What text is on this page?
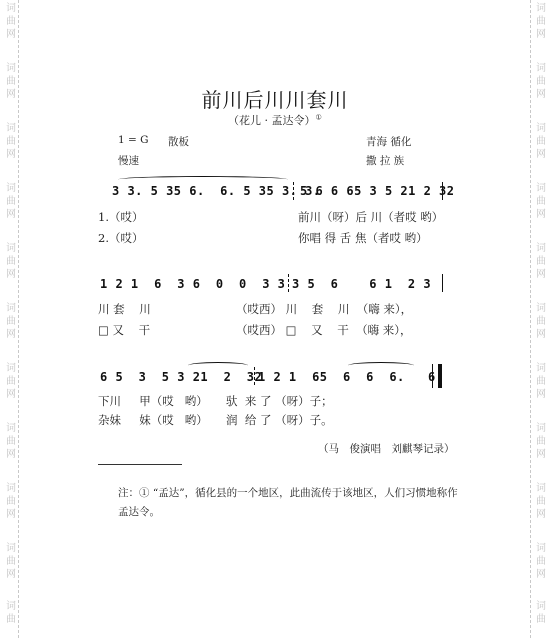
词
曲
网
词
曲
网
词
曲
网
词
曲
网
词
曲
网
词
曲
网
词
曲
网
词
曲
网
词
曲
网
词
曲
网
词
曲
词
曲
网
词
曲
网
词
曲
网
词
曲
网
词
曲
网
词
曲
网
词
曲
网
词
曲
网
词
曲
网
词
曲
网
词
曲
前川后川川套川
（花儿 · 孟达令）①
1 = G 散板
慢速
青海 循化
撒 拉 族
3 3. 5 35 6.  6. 5 35 3. 3.
5 6 6 65 3 5 21 2 32
1.（哎）	前川（呀）后 川（者哎 哟）
2.（哎）	你唱 得 舌 焦（者哎 哟）
1 2 1  6  3 6  0  0  3 3 3 5  6    6 1  2 3
川 套    川	（哎西） 川    套    川  （嗨 来），
□ 又    干	（哎西） □    又    干  （嗨 来），
6 5  3  5 3 21  2  32
1 2 1  65  6  6  6.   6.
下川     甲（哎   哟）     驮  来 了 （呀）子；
杂妹     妹（哎   哟）     润  给 了 （呀）子。
（马　俊演唱　刘麒琴记录）
注：① “孟达”，循化县的一个地区，此曲流传于该地区，人们习惯地称作孟达令。
